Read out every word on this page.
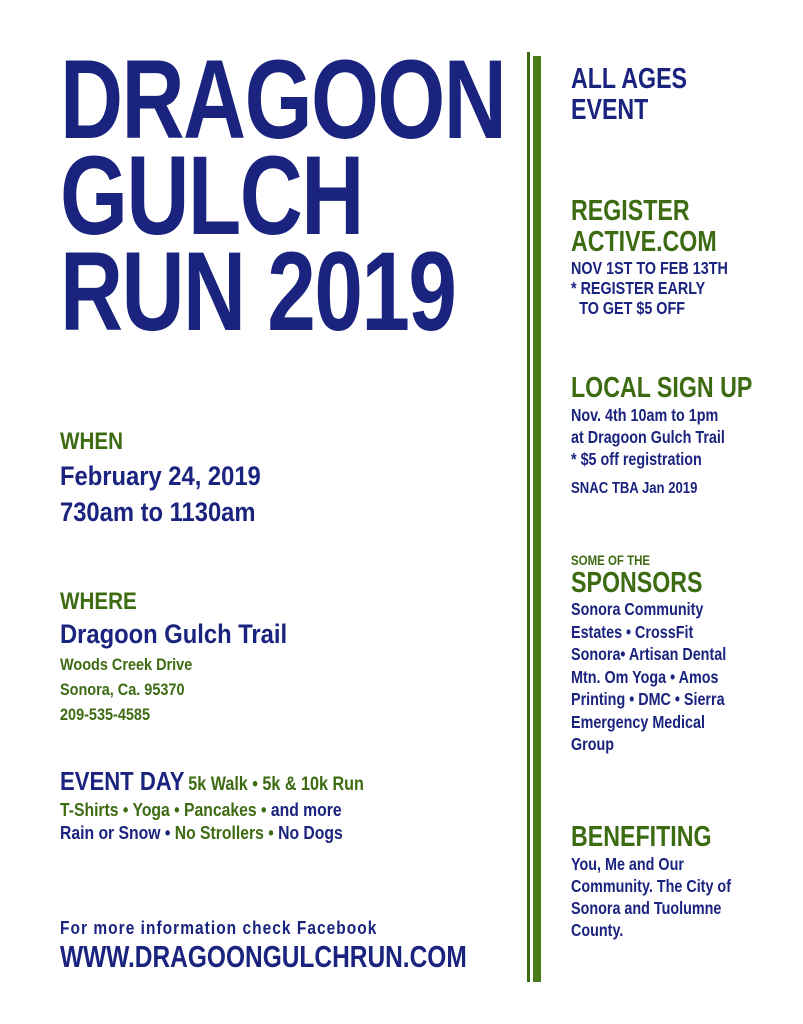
DRAGOON
GULCH
RUN 2019
WHEN
February 24, 2019
730am to 1130am
WHERE
Dragoon Gulch Trail
Woods Creek Drive
Sonora, Ca. 95370
209-535-4585
EVENT DAY 5k Walk • 5k & 10k Run
T-Shirts • Yoga • Pancakes • and more
Rain or Snow • No Strollers • No Dogs
For more information check Facebook
WWW.DRAGOONGULCHRUN.COM
ALL AGES
EVENT
REGISTER
ACTIVE.COM
NOV 1ST TO FEB 13TH
* REGISTER EARLY
TO GET $5 OFF
LOCAL SIGN UP
Nov. 4th 10am to 1pm
at Dragoon Gulch Trail
* $5 off registration
SNAC TBA Jan 2019
SOME OF THE
SPONSORS
Sonora Community
Estates • CrossFit
Sonora• Artisan Dental
Mtn. Om Yoga • Amos
Printing • DMC • Sierra
Emergency Medical
Group
BENEFITING
You, Me and Our
Community. The City of
Sonora and Tuolumne
County.
